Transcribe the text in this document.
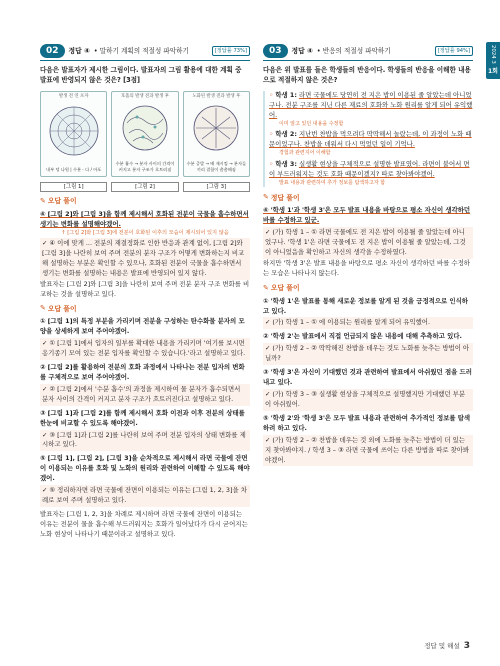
2024 3
1회
02	정답 ④ • 말하기 계획의 적절성 파악하기	[정답률 73%]
다음은 발표자가 제시한 그림이다. 발표자의 그림 활용에 대한 계획 중 발표에 반영되지 않은 것은? [3점]
발생 전 연 포자
내부 덩 나원 | 수분 · 다 / 아포
호흡의 발생 전과 발생 후
수분 흡수 → 분자 사이의 간격이 커지고 분자 구조가 흐트러짐
노화된 발생 전과 발생 후
수분 증발 → 배 재시킴 → 분자들끼리 결합이 촘촘해짐
[그림 1]	[그림 2]	[그림 3]
✎ 오답 풀이
④ [그림 2]와 [그림 3]을 함께 제시해서 호화된 전분이 국물을 흡수하면서 생기는 변화를 설명해야겠어.
↑ [그림 2]와 [그림 3]에 전분이 호화된 이후의 모습이 제시되어 있지 않음
✓ ④ 이에 맞게 ... 전분의 재결정화로 인한 반응과 관계 없이, [그림 2]와 [그림 3]을 나란히 보여 주며 전분의 분자 구조가 어떻게 변화하는지 비교해 설명하는 부분은 확인할 수 있으나, 호화된 전분이 국물을 흡수하면서 생기는 변화를 설명하는 내용은 발표에 반영되어 있지 않다.
발표자는 [그림 2]와 [그림 3]을 나란히 보여 주며 전분 분자 구조 변화를 비교하는 것을 설명하고 있다.
✎ 오답 풀이
① [그림 1]의 특정 부분을 가리키며 전분을 구성하는 탄수화물 분자의 모양을 상세하게 보여 주어야겠어.
✓ ① [그림 1]에서 입자의 일부를 확대한 내용을 가리키며 '여기를 보시면 옹기종기 모여 있는 전분 입자를 확인할 수 있습니다.'라고 설명하고 있다.
② [그림 2]를 활용하여 전분의 호화 과정에서 나타나는 전분 입자의 변화를 구체적으로 보여 주어야겠어.
✓ ② [그림 2]에서 '수분 흡수'의 과정을 제시하여 물 분자가 흡수되면서 분자 사이의 간격이 커지고 분자 구조가 흐트러진다고 설명하고 있다.
③ [그림 1]과 [그림 2]를 함께 제시해서 호화 이전과 이후 전분의 상태를 한눈에 비교할 수 있도록 해야겠어.
✓ ③ [그림 1]과 [그림 2]를 나란히 보여 주며 전분 입자의 상태 변화를 제시하고 있다.
⑤ [그림 1], [그림 2], [그림 3]을 순차적으로 제시해서 라면 국물에 잔면이 이용되는 이유를 호화 및 노화의 원리와 관련하여 이해할 수 있도록 해야겠어.
✓ ⑤ 정리하자면 라면 국물에 잔면이 이용되는 이유는 [그림 1, 2, 3]을 차례로 보여 주며 설명하고 있다.
발표자는 [그림 1, 2, 3]을 차례로 제시하며 라면 국물에 잔면이 이용되는 이유는 전분이 물을 흡수해 부드러워지는 호화가 일어났다가 다시 굳어지는 노화 현상이 나타나기 때문이라고 설명하고 있다.
03	정답 ④ • 반응의 적절성 파악하기	[정답률 94%]
다음은 위 발표를 들은 학생들의 반응이다. 학생들의 반응을 이해한 내용으로 적절하지 않은 것은?

◦ 학생 1: 라면 국물에도 당연히 전 지은 밥이 이용된 줄 알았는데 아니었구나. 전분 구조를 지닌 다른 재료의 호화와 노화 원리를 알게 되어 유익했어.
이미 알고 있던 내용을 수정함

◦ 학생 2: 지난번 찬밥을 먹으려다 딱딱해서 놀랐는데, 이 과정이 노화 때문이었구나. 찬밥을 데워서 다시 먹었던 일이 기억나.
경험과 관련지어 이해함

◦ 학생 3: 실생활 현상을 구체적으로 설명한 발표였어. 라면이 불어서 면이 부드러워지는 것도 호화 때문이겠지? 따로 찾아봐야겠어.
발표 내용과 관련하여 추가 정보를 탐색하고자 함

✎ 정답 풀이
④ '학생 1'과 '학생 3'은 모두 발표 내용을 바탕으로 평소 자신이 생각하던 바를 수정하고 있군.
✓ (가) 학생 1 – ① 라면 국물에도 전 지은 밥이 이용될 줄 알았는데 아니었구나. '학생 1'은 라면 국물에도 전 지은 밥이 이용될 줄 알았는데, 그것이 아니었음을 확인하고 자신의 생각을 수정하였다.
하지만 '학생 3'은 발표 내용을 바탕으로 평소 자신이 생각하던 바를 수정하는 모습은 나타나지 않는다.
✎ 오답 풀이
① '학생 1'은 발표를 통해 새로운 정보를 알게 된 것을 긍정적으로 인식하고 있다.
✓ (가) 학생 1 – ① 에 이용되는 원리를 알게 되어 유익했어.
② '학생 2'는 발표에서 직접 언급되지 않은 내용에 대해 추측하고 있다.
✓ (가) 학생 2 – ② 딱딱해진 찬밥을 데우는 것도 노화를 늦추는 방법이 아닐까?
③ '학생 3'은 자신이 기대했던 것과 관련하여 발표에서 아쉬웠던 점을 드러내고 있다.
✓ (가) 학생 3 – ③ 실생활 현상을 구체적으로 설명했지만 기대했던 부분이 아쉬웠어.
⑤ '학생 2'와 '학생 3'은 모두 발표 내용과 관련하여 추가적인 정보를 탐색하려 하고 있다.
✓ (가) 학생 2 – ② 찬밥을 데우는 것 외에 노화를 늦추는 방법이 더 있는지 찾아봐야지. / 학생 3 – ③ 라면 국물에 쓰이는 다른 방법을 따로 찾아봐야겠어.
정답 및 해설 3
